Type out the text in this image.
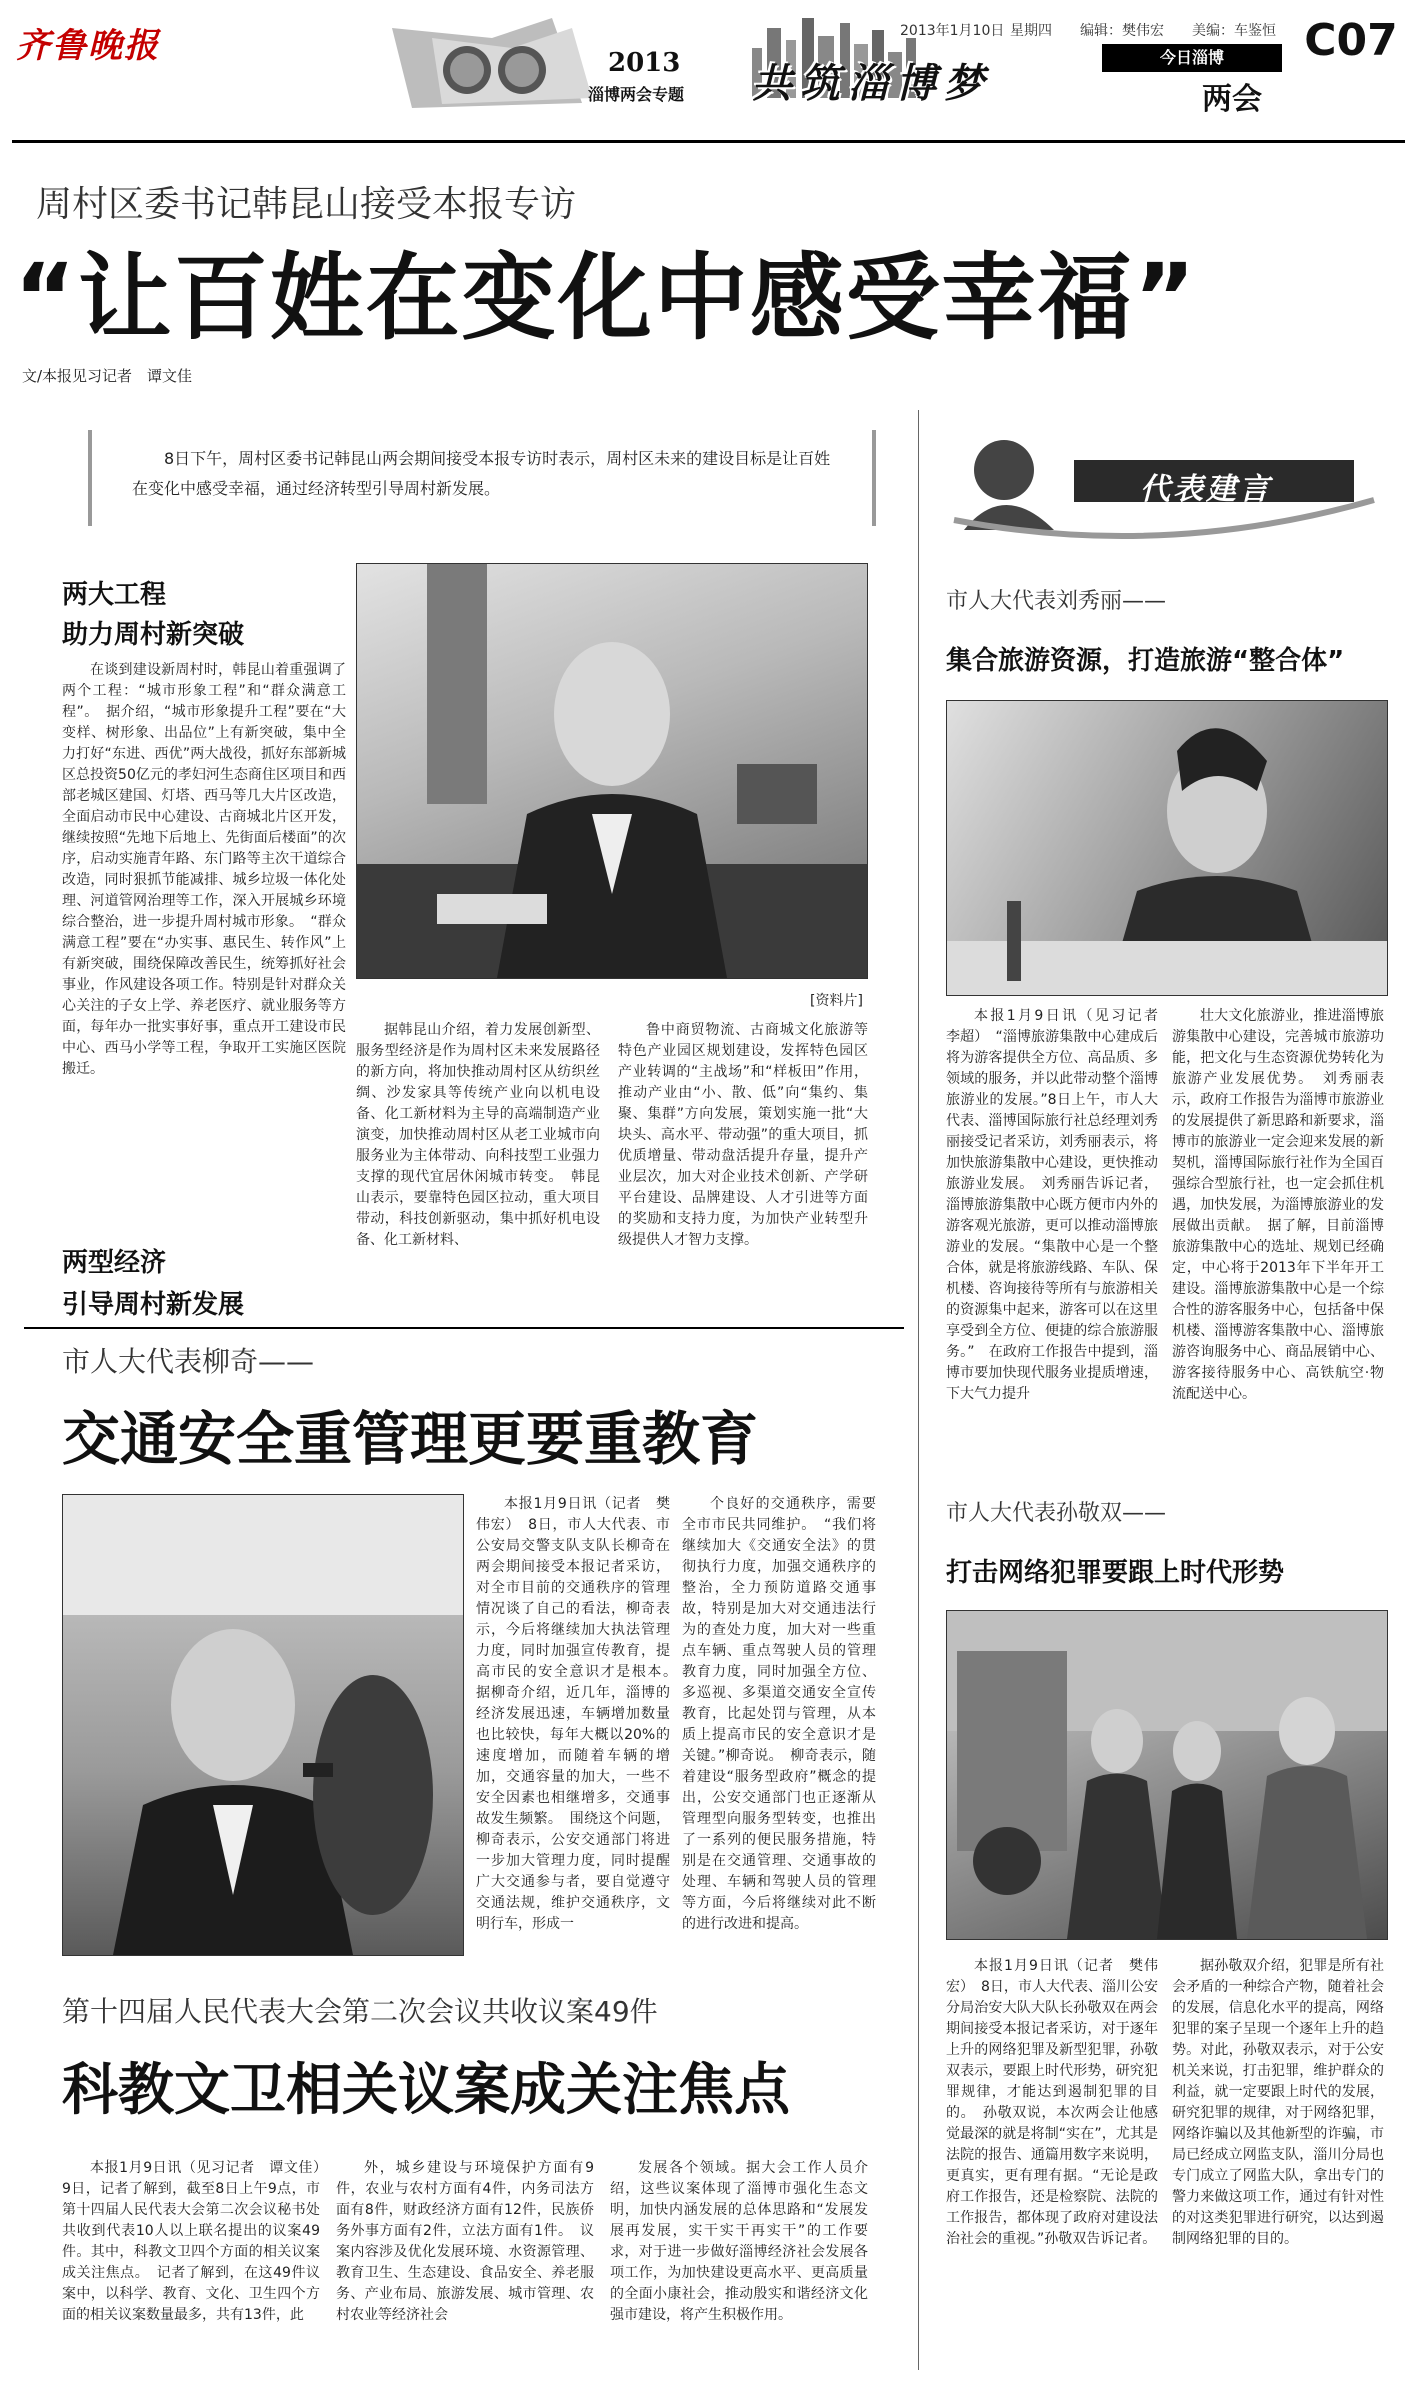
齐鲁晚报	2013
淄博两会专题 共筑淄博梦
2013年1月10日 星期四 编辑：樊伟宏 美编：车鉴恒
今日淄博
两会
C07
周村区委书记韩昆山接受本报专访
“让百姓在变化中感受幸福”
文/本报见习记者　谭文佳
8日下午，周村区委书记韩昆山两会期间接受本报专访时表示，周村区未来的建设目标是让百姓在变化中感受幸福，通过经济转型引导周村新发展。
两大工程
助力周村新突破
在谈到建设新周村时，韩昆山着重强调了两个工程：“城市形象工程”和“群众满意工程”。　据介绍，“城市形象提升工程”要在“大变样、树形象、出品位”上有新突破，集中全力打好“东进、西优”两大战役，抓好东部新城区总投资50亿元的孝妇河生态商住区项目和西部老城区建国、灯塔、西马等几大片区改造，全面启动市民中心建设、古商城北片区开发，继续按照“先地下后地上、先街面后楼面”的次序，启动实施青年路、东门路等主次干道综合改造，同时狠抓节能减排、城乡垃圾一体化处理、河道管网治理等工作，深入开展城乡环境综合整治，进一步提升周村城市形象。　“群众满意工程”要在“办实事、惠民生、转作风”上有新突破，围绕保障改善民生，统筹抓好社会事业，作风建设各项工作。特别是针对群众关心关注的子女上学、养老医疗、就业服务等方面，每年办一批实事好事，重点开工建设市民中心、西马小学等工程，争取开工实施区医院搬迁。
两型经济
引导周村新发展
[资料片]
据韩昆山介绍，着力发展创新型、服务型经济是作为周村区未来发展路径的新方向，将加快推动周村区从纺织丝绸、沙发家具等传统产业向以机电设备、化工新材料为主导的高端制造产业演变，加快推动周村区从老工业城市向服务业为主体带动、向科技型工业强力支撑的现代宜居休闲城市转变。　韩昆山表示，要靠特色园区拉动，重大项目带动，科技创新驱动，集中抓好机电设备、化工新材料、
鲁中商贸物流、古商城文化旅游等特色产业园区规划建设，发挥特色园区产业转调的“主战场”和“样板田”作用，推动产业由“小、散、低”向“集约、集聚、集群”方向发展，策划实施一批“大块头、高水平、带动强”的重大项目，抓优质增量、带动盘活提升存量，提升产业层次，加大对企业技术创新、产学研平台建设、品牌建设、人才引进等方面的奖励和支持力度，为加快产业转型升级提供人才智力支撑。
市人大代表柳奇——
交通安全重管理更要重教育
本报1月9日讯（记者　樊伟宏）　8日，市人大代表、市公安局交警支队支队长柳奇在两会期间接受本报记者采访，对全市目前的交通秩序的管理情况谈了自己的看法，柳奇表示，今后将继续加大执法管理力度，同时加强宣传教育，提高市民的安全意识才是根本。　据柳奇介绍，近几年，淄博的经济发展迅速，车辆增加数量也比较快，每年大概以20%的速度增加，而随着车辆的增加，交通容量的加大，一些不安全因素也相继增多，交通事故发生频繁。　围绕这个问题，柳奇表示，公安交通部门将进一步加大管理力度，同时提醒广大交通参与者，要自觉遵守交通法规，维护交通秩序，文明行车，形成一
个良好的交通秩序，需要全市市民共同维护。　“我们将继续加大《交通安全法》的贯彻执行力度，加强交通秩序的整治，全力预防道路交通事故，特别是加大对交通违法行为的查处力度，加大对一些重点车辆、重点驾驶人员的管理教育力度，同时加强全方位、多巡视、多渠道交通安全宣传教育，比起处罚与管理，从本质上提高市民的安全意识才是关键。”柳奇说。　柳奇表示，随着建设“服务型政府”概念的提出，公安交通部门也正逐渐从管理型向服务型转变，也推出了一系列的便民服务措施，特别是在交通管理、交通事故的处理、车辆和驾驶人员的管理等方面，今后将继续对此不断的进行改进和提高。
第十四届人民代表大会第二次会议共收议案49件
科教文卫相关议案成关注焦点
本报1月9日讯（见习记者　谭文佳）　9日，记者了解到，截至8日上午9点，市第十四届人民代表大会第二次会议秘书处共收到代表10人以上联名提出的议案49件。其中，科教文卫四个方面的相关议案成关注焦点。　记者了解到，在这49件议案中，以科学、教育、文化、卫生四个方面的相关议案数量最多，共有13件，此
外，城乡建设与环境保护方面有9件，农业与农村方面有4件，内务司法方面有8件，财政经济方面有12件，民族侨务外事方面有2件，立法方面有1件。　议案内容涉及优化发展环境、水资源管理、教育卫生、生态建设、食品安全、养老服务、产业布局、旅游发展、城市管理、农村农业等经济社会
发展各个领域。据大会工作人员介绍，这些议案体现了淄博市强化生态文明，加快内涵发展的总体思路和“发展发展再发展，实干实干再实干”的工作要求，对于进一步做好淄博经济社会发展各项工作，为加快建设更高水平、更高质量的全面小康社会，推动殷实和谐经济文化强市建设，将产生积极作用。
代表建言
市人大代表刘秀丽——
集合旅游资源，打造旅游“整合体”
本报1月9日讯（见习记者　李超）　“淄博旅游集散中心建成后将为游客提供全方位、高品质、多领域的服务，并以此带动整个淄博旅游业的发展。”8日上午，市人大代表、淄博国际旅行社总经理刘秀丽接受记者采访，刘秀丽表示，将加快旅游集散中心建设，更快推动旅游业发展。　刘秀丽告诉记者，淄博旅游集散中心既方便市内外的游客观光旅游，更可以推动淄博旅游业的发展。“集散中心是一个整合体，就是将旅游线路、车队、保机楼、咨询接待等所有与旅游相关的资源集中起来，游客可以在这里享受到全方位、便捷的综合旅游服务。”　在政府工作报告中提到，淄博市要加快现代服务业提质增速，下大气力提升
壮大文化旅游业，推进淄博旅游集散中心建设，完善城市旅游功能，把文化与生态资源优势转化为旅游产业发展优势。　刘秀丽表示，政府工作报告为淄博市旅游业的发展提供了新思路和新要求，淄博市的旅游业一定会迎来发展的新契机，淄博国际旅行社作为全国百强综合型旅行社，也一定会抓住机遇，加快发展，为淄博旅游业的发展做出贡献。　据了解，目前淄博旅游集散中心的选址、规划已经确定，中心将于2013年下半年开工建设。淄博旅游集散中心是一个综合性的游客服务中心，包括备中保机楼、淄博游客集散中心、淄博旅游咨询服务中心、商品展销中心、游客接待服务中心、高铁航空·物流配送中心。
市人大代表孙敬双——
打击网络犯罪要跟上时代形势
本报1月9日讯（记者　樊伟宏）　8日，市人大代表、淄川公安分局治安大队大队长孙敬双在两会期间接受本报记者采访，对于逐年上升的网络犯罪及新型犯罪，孙敬双表示，要跟上时代形势，研究犯罪规律，才能达到遏制犯罪的目的。　孙敬双说，本次两会让他感觉最深的就是将制“实在”，尤其是法院的报告、通篇用数字来说明，更真实，更有理有据。“无论是政府工作报告，还是检察院、法院的工作报告，都体现了政府对建设法治社会的重视。”孙敬双告诉记者。
据孙敬双介绍，犯罪是所有社会矛盾的一种综合产物，随着社会的发展，信息化水平的提高，网络犯罪的案子呈现一个逐年上升的趋势。对此，孙敬双表示，对于公安机关来说，打击犯罪，维护群众的利益，就一定要跟上时代的发展，研究犯罪的规律，对于网络犯罪，网络诈骗以及其他新型的诈骗，市局已经成立网监支队，淄川分局也专门成立了网监大队，拿出专门的警力来做这项工作，通过有针对性的对这类犯罪进行研究，以达到遏制网络犯罪的目的。
